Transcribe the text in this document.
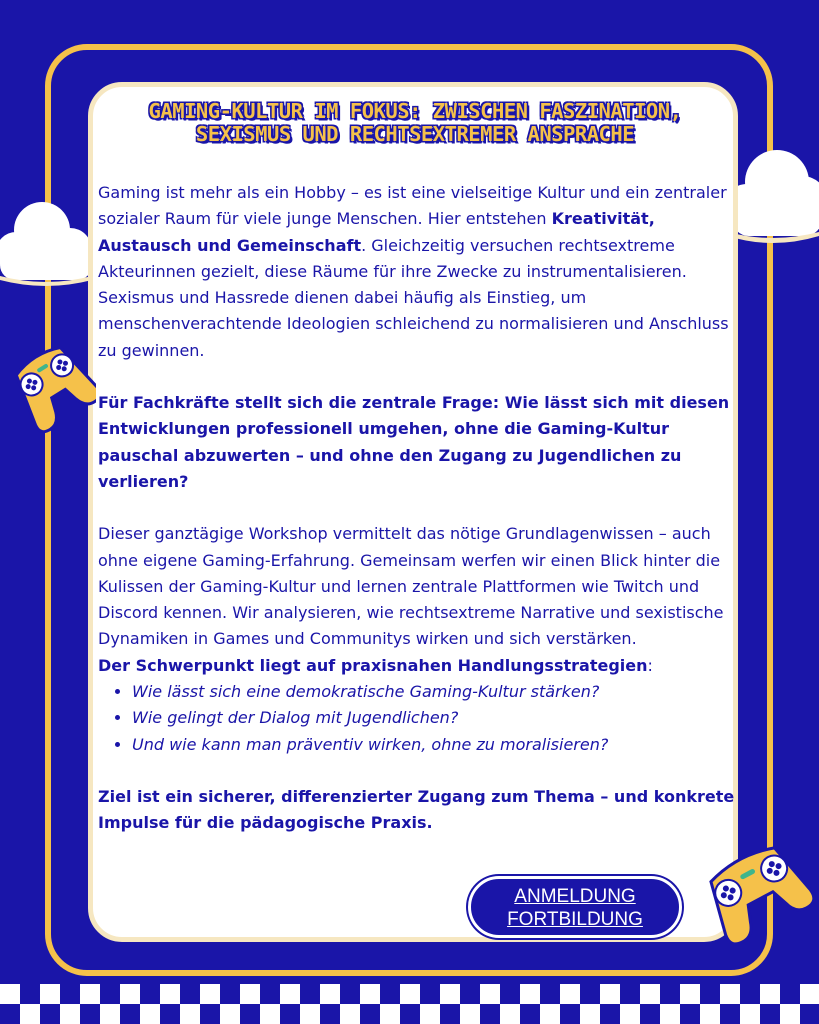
GAMING-KULTUR IM FOKUS: ZWISCHEN FASZINATION,
SEXISMUS UND RECHTSEXTREMER ANSPRACHE

Gaming ist mehr als ein Hobby – es ist eine vielseitige Kultur und ein zentraler sozialer Raum für viele junge Menschen. Hier entstehen Kreativität, Austausch und Gemeinschaft. Gleichzeitig versuchen rechtsextreme Akteurinnen gezielt, diese Räume für ihre Zwecke zu instrumentalisieren. Sexismus und Hassrede dienen dabei häufig als Einstieg, um menschenverachtende Ideologien schleichend zu normalisieren und Anschluss zu gewinnen.

Für Fachkräfte stellt sich die zentrale Frage: Wie lässt sich mit diesen Entwicklungen professionell umgehen, ohne die Gaming-Kultur pauschal abzuwerten – und ohne den Zugang zu Jugendlichen zu verlieren?

Dieser ganztägige Workshop vermittelt das nötige Grundlagenwissen – auch ohne eigene Gaming-Erfahrung. Gemeinsam werfen wir einen Blick hinter die Kulissen der Gaming-Kultur und lernen zentrale Plattformen wie Twitch und Discord kennen. Wir analysieren, wie rechtsextreme Narrative und sexistische Dynamiken in Games und Communitys wirken und sich verstärken.

Der Schwerpunkt liegt auf praxisnahen Handlungsstrategien:

• Wie lässt sich eine demokratische Gaming-Kultur stärken?
• Wie gelingt der Dialog mit Jugendlichen?
• Und wie kann man präventiv wirken, ohne zu moralisieren?

Ziel ist ein sicherer, differenzierter Zugang zum Thema – und konkrete Impulse für die pädagogische Praxis.

ANMELDUNG
FORTBILDUNG
